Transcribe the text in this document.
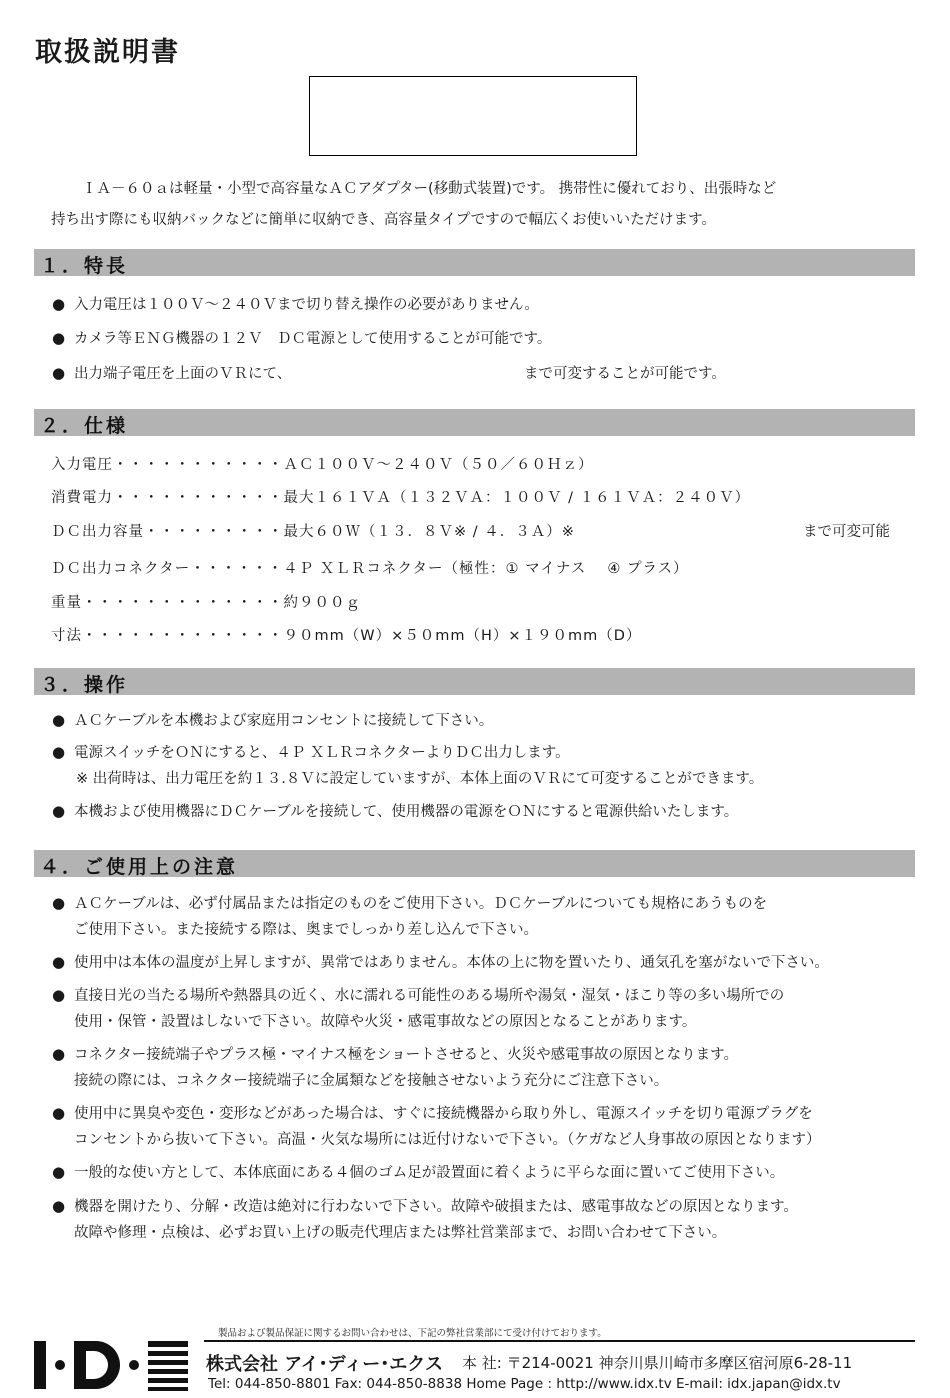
取扱説明書
ＩＡ－６０ａは軽量・小型で高容量なＡＣアダプター(移動式装置)です。 携帯性に優れており、出張時など
持ち出す際にも収納バックなどに簡単に収納でき、高容量タイプですので幅広くお使いいただけます。
１．特長
● 入力電圧は１００Ｖ～２４０Ｖまで切り替え操作の必要がありません。
● カメラ等ＥＮＧ機器の１２Ｖ　ＤＣ電源として使用することが可能です。
● 出力端子電圧を上面のＶＲにて、	まで可変することが可能です。
２．仕様
入力電圧・・・・・・・・・・・ＡＣ１００Ｖ～２４０Ｖ（５０／６０Ｈｚ）
消費電力・・・・・・・・・・・最大１６１ＶＡ（１３２ＶＡ：１００Ｖ / １６１ＶＡ：２４０Ｖ）
ＤＣ出力容量・・・・・・・・・最大６０Ｗ（１３．８Ｖ※ / ４．３Ａ）※	まで可変可能
ＤＣ出力コネクター・・・・・・４Ｐ ＸＬＲコネクター（極性：① マイナス　 ④ プラス）
重量・・・・・・・・・・・・・約９００ｇ
寸法・・・・・・・・・・・・・９０mm（W）×５０mm（H）×１９０mm（D）
３．操作
● ＡＣケーブルを本機および家庭用コンセントに接続して下さい。
● 電源スイッチをＯＮにすると、４Ｐ ＸＬＲコネクターよりＤＣ出力します。
※ 出荷時は、出力電圧を約１３.８Ｖに設定していますが、本体上面のＶＲにて可変することができます。
● 本機および使用機器にＤＣケーブルを接続して、使用機器の電源をＯＮにすると電源供給いたします。
４．ご使用上の注意
● ＡＣケーブルは、必ず付属品または指定のものをご使用下さい。ＤＣケーブルについても規格にあうものを
ご使用下さい。また接続する際は、奥までしっかり差し込んで下さい。
● 使用中は本体の温度が上昇しますが、異常ではありません。本体の上に物を置いたり、通気孔を塞がないで下さい。
● 直接日光の当たる場所や熱器具の近く、水に濡れる可能性のある場所や湯気・湿気・ほこり等の多い場所での
使用・保管・設置はしないで下さい。故障や火災・感電事故などの原因となることがあります。
● コネクター接続端子やプラス極・マイナス極をショートさせると、火災や感電事故の原因となります。
接続の際には、コネクター接続端子に金属類などを接触させないよう充分にご注意下さい。
● 使用中に異臭や変色・変形などがあった場合は、すぐに接続機器から取り外し、電源スイッチを切り電源プラグを
コンセントから抜いて下さい。高温・火気な場所には近付けないで下さい。（ケガなど人身事故の原因となります）
● 一般的な使い方として、本体底面にある４個のゴム足が設置面に着くように平らな面に置いてご使用下さい。
● 機器を開けたり、分解・改造は絶対に行わないで下さい。故障や破損または、感電事故などの原因となります。
故障や修理・点検は、必ずお買い上げの販売代理店または弊社営業部まで、お問い合わせて下さい。
製品および製品保証に関するお問い合わせは、下記の弊社営業部にて受け付けております。
株式会社 アイ･ディー･エクス 本 社: 〒214-0021 神奈川県川崎市多摩区宿河原6-28-11
Tel: 044-850-8801 Fax: 044-850-8838 Home Page : http://www.idx.tv E-mail: idx.japan@idx.tv
